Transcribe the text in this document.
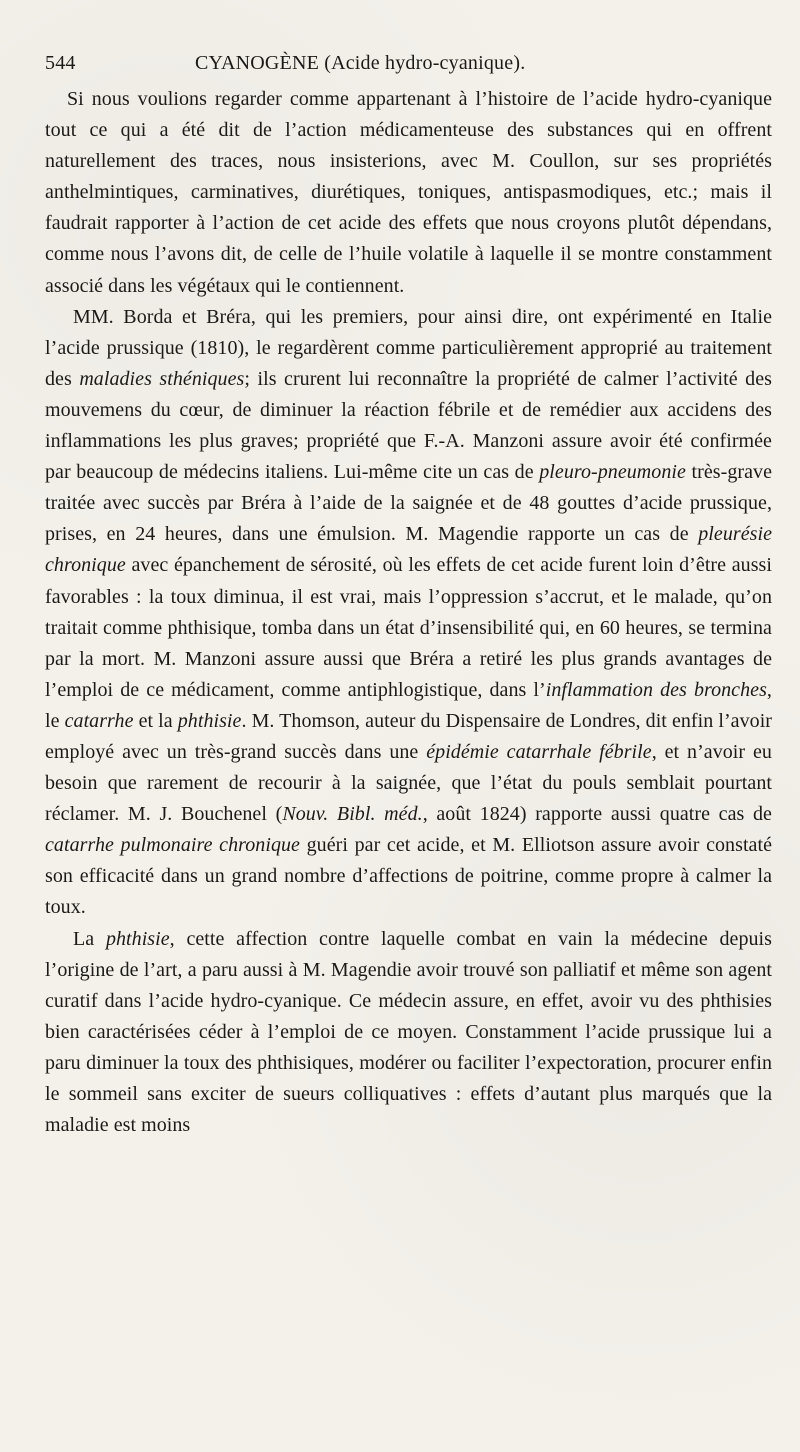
544	CYANOGÈNE (Acide hydro-cyanique).

Si nous voulions regarder comme appartenant à l’histoire de l’acide hydro-cyanique tout ce qui a été dit de l’action médicamenteuse des substances qui en offrent naturellement des traces, nous insisterions, avec M. Coullon, sur ses propriétés anthelmintiques, carminatives, diurétiques, toniques, antispasmodiques, etc.; mais il faudrait rapporter à l’action de cet acide des effets que nous croyons plutôt dépendans, comme nous l’avons dit, de celle de l’huile volatile à laquelle il se montre constamment associé dans les végétaux qui le contiennent.

MM. Borda et Bréra, qui les premiers, pour ainsi dire, ont expérimenté en Italie l’acide prussique (1810), le regardèrent comme particulièrement approprié au traitement des maladies sthéniques; ils crurent lui reconnaître la propriété de calmer l’activité des mouvemens du cœur, de diminuer la réaction fébrile et de remédier aux accidens des inflammations les plus graves; propriété que F.-A. Manzoni assure avoir été confirmée par beaucoup de médecins italiens. Lui-même cite un cas de pleuro-pneumonie très-grave traitée avec succès par Bréra à l’aide de la saignée et de 48 gouttes d’acide prussique, prises, en 24 heures, dans une émulsion. M. Magendie rapporte un cas de pleurésie chronique avec épanchement de sérosité, où les effets de cet acide furent loin d’être aussi favorables : la toux diminua, il est vrai, mais l’oppression s’accrut, et le malade, qu’on traitait comme phthisique, tomba dans un état d’insensibilité qui, en 60 heures, se termina par la mort. M. Manzoni assure aussi que Bréra a retiré les plus grands avantages de l’emploi de ce médicament, comme antiphlogistique, dans l’inflammation des bronches, le catarrhe et la phthisie. M. Thomson, auteur du Dispensaire de Londres, dit enfin l’avoir employé avec un très-grand succès dans une épidémie catarrhale fébrile, et n’avoir eu besoin que rarement de recourir à la saignée, que l’état du pouls semblait pourtant réclamer. M. J. Bouchenel (Nouv. Bibl. méd., août 1824) rapporte aussi quatre cas de catarrhe pulmonaire chronique guéri par cet acide, et M. Elliotson assure avoir constaté son efficacité dans un grand nombre d’affections de poitrine, comme propre à calmer la toux.

La phthisie, cette affection contre laquelle combat en vain la médecine depuis l’origine de l’art, a paru aussi à M. Magendie avoir trouvé son palliatif et même son agent curatif dans l’acide hydro-cyanique. Ce médecin assure, en effet, avoir vu des phthisies bien caractérisées céder à l’emploi de ce moyen. Constamment l’acide prussique lui a paru diminuer la toux des phthisiques, modérer ou faciliter l’expectoration, procurer enfin le sommeil sans exciter de sueurs colliquatives : effets d’autant plus marqués que la maladie est moins
